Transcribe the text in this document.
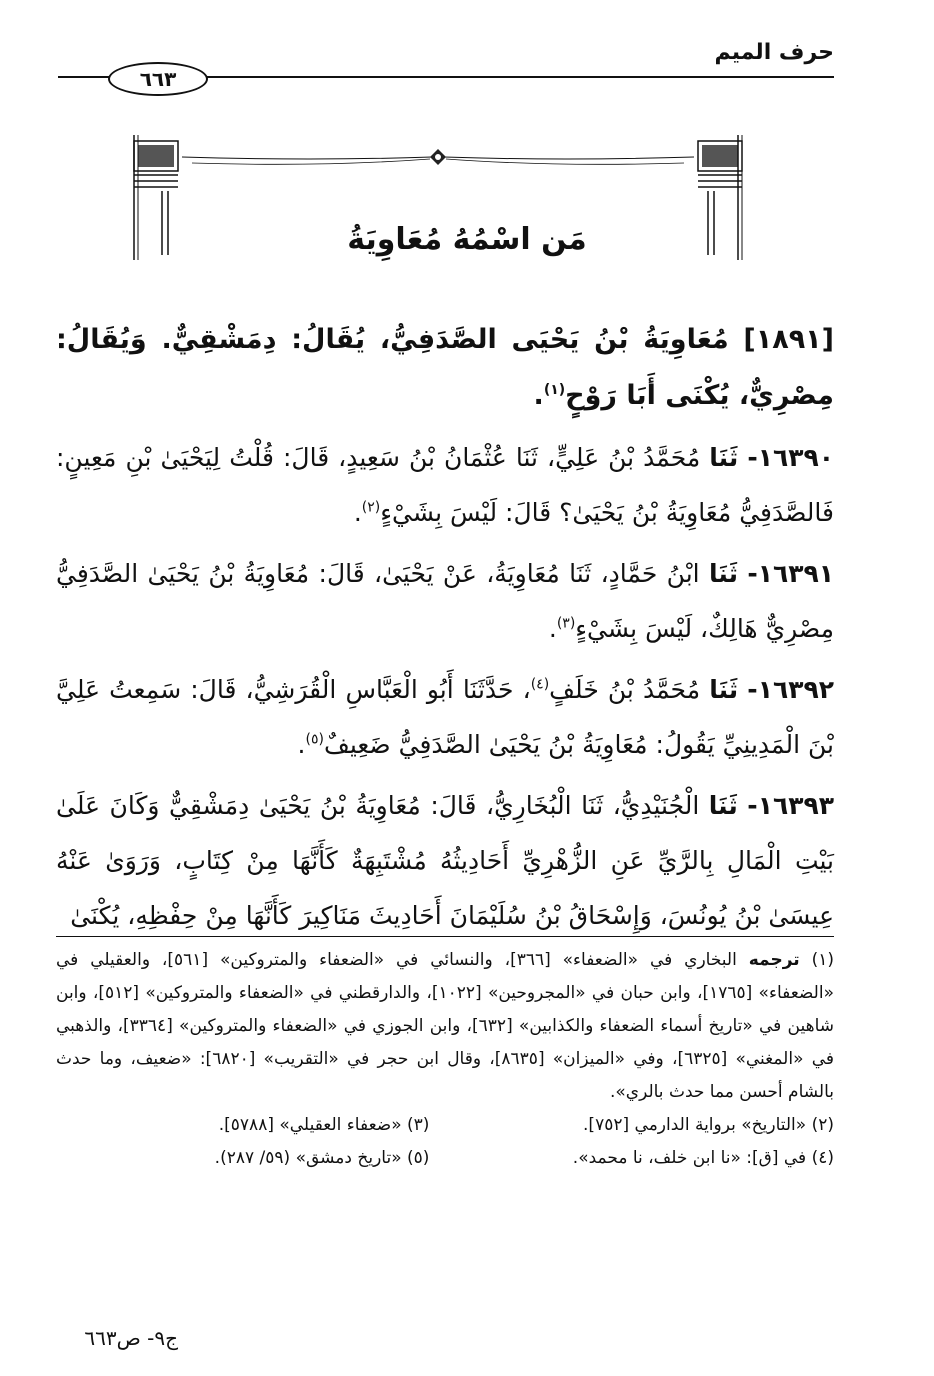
حرف الميم
٦٦٣
مَن اسْمُهُ مُعَاوِيَةُ
[١٨٩١] مُعَاوِيَةُ بْنُ يَحْيَى الصَّدَفِيُّ، يُقَالُ: دِمَشْقِيٌّ. وَيُقَالُ: مِصْرِيٌّ، يُكْنَى أَبَا رَوْحٍ$^{(١)}$.

١٦٣٩٠- ثَنَا مُحَمَّدُ بْنُ عَلِيٍّ، ثَنَا عُثْمَانُ بْنُ سَعِيدٍ، قَالَ: قُلْتُ لِيَحْيَىٰ بْنِ مَعِينٍ: فَالصَّدَفِيُّ مُعَاوِيَةُ بْنُ يَحْيَىٰ؟ قَالَ: لَيْسَ بِشَيْءٍ$^{(٢)}$.

١٦٣٩١- ثَنَا ابْنُ حَمَّادٍ، ثَنَا مُعَاوِيَةُ، عَنْ يَحْيَىٰ، قَالَ: مُعَاوِيَةُ بْنُ يَحْيَىٰ الصَّدَفِيُّ مِصْرِيٌّ هَالِكٌ، لَيْسَ بِشَيْءٍ$^{(٣)}$.

١٦٣٩٢- ثَنَا مُحَمَّدُ بْنُ خَلَفٍ$^{(٤)}$، حَدَّثَنَا أَبُو الْعَبَّاسِ الْقُرَشِيُّ، قَالَ: سَمِعتُ عَلِيَّ بْنَ الْمَدِينِيِّ يَقُولُ: مُعَاوِيَةُ بْنُ يَحْيَىٰ الصَّدَفِيُّ ضَعِيفٌ$^{(٥)}$.

١٦٣٩٣- ثَنَا الْجُنَيْدِيُّ، ثَنَا الْبُخَارِيُّ، قَالَ: مُعَاوِيَةُ بْنُ يَحْيَىٰ دِمَشْقِيٌّ وَكَانَ عَلَىٰ بَيْتِ الْمَالِ بِالرَّيِّ عَنِ الزُّهْرِيِّ أَحَادِيثُهُ مُشْتَبِهَةٌ كَأَنَّهَا مِنْ كِتَابٍ، وَرَوَىٰ عَنْهُ عِيسَىٰ بْنُ يُونُسَ، وَإِسْحَاقُ بْنُ سُلَيْمَانَ أَحَادِيثَ مَنَاكِيرَ كَأَنَّهَا مِنْ حِفْظِهِ، يُكْنَىٰ

(١) ترجمه البخاري في «الضعفاء» [٣٦٦]، والنسائي في «الضعفاء والمتروكين» [٥٦١]، والعقيلي في «الضعفاء» [١٧٦٥]، وابن حبان في «المجروحين» [١٠٢٢]، والدارقطني في «الضعفاء والمتروكين» [٥١٢]، وابن شاهين في «تاريخ أسماء الضعفاء والكذابين» [٦٣٢]، وابن الجوزي في «الضعفاء والمتروكين» [٣٣٦٤]، والذهبي في «المغني» [٦٣٢٥]، وفي «الميزان» [٨٦٣٥]، وقال ابن حجر في «التقريب» [٦٨٢٠]: «ضعيف، وما حدث بالشام أحسن مما حدث بالري».

(٢) «التاريخ» برواية الدارمي [٧٥٢].

(٣) «ضعفاء العقيلي» [٥٧٨٨].

(٤) في [ق]: «نا ابن خلف، نا محمد».

(٥) «تاريخ دمشق» (٥٩/ ٢٨٧).

ج٩- ص٦٦٣
